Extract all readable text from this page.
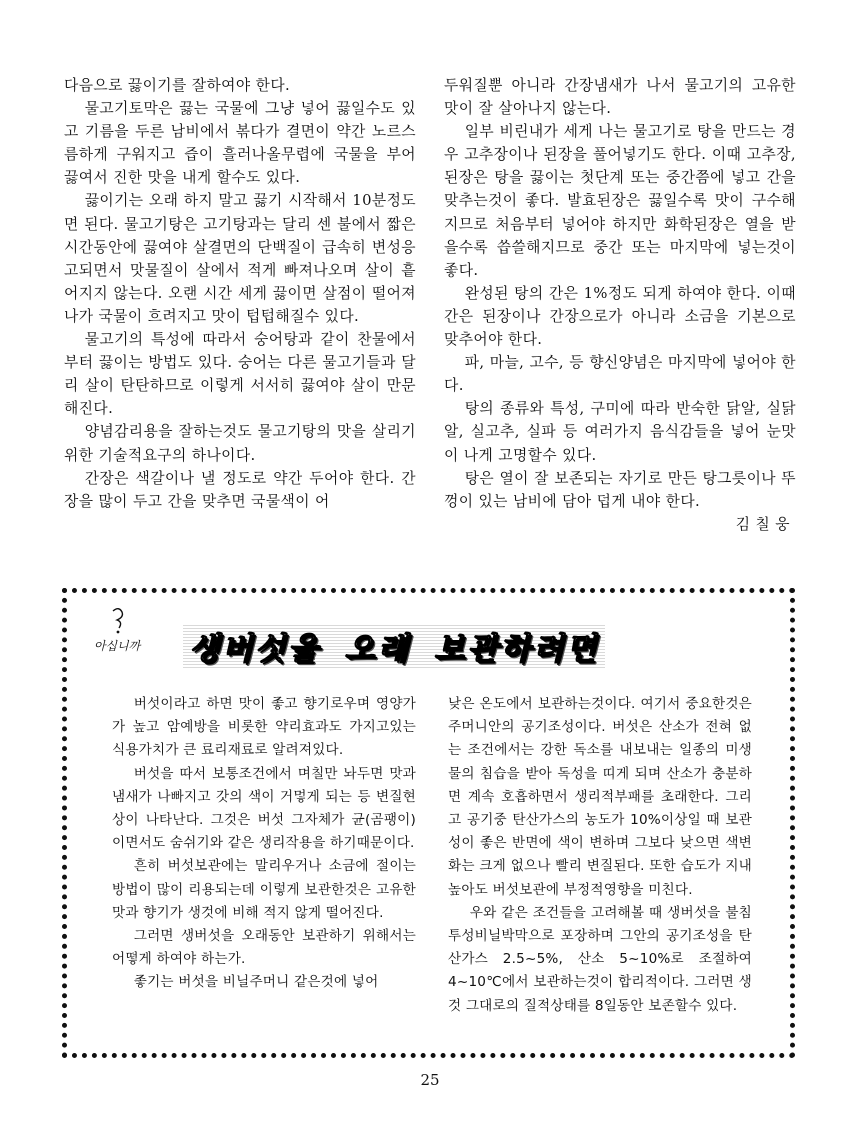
다음으로 끓이기를 잘하여야 한다.

물고기토막은 끓는 국물에 그냥 넣어 끓일수도 있고 기름을 두른 남비에서 볶다가 결면이 약간 노르스름하게 구워지고 즙이 흘러나올무렵에 국물을 부어 끓여서 진한 맛을 내게 할수도 있다.

끓이기는 오래 하지 말고 끓기 시작해서 10분정도면 된다. 물고기탕은 고기탕과는 달리 센 불에서 짧은 시간동안에 끓여야 살결면의 단백질이 급속히 변성응고되면서 맛물질이 살에서 적게 빠져나오며 살이 흩어지지 않는다. 오랜 시간 세게 끓이면 살점이 떨어져나가 국물이 흐려지고 맛이 텁텁해질수 있다.

물고기의 특성에 따라서 숭어탕과 같이 찬물에서부터 끓이는 방법도 있다. 숭어는 다른 물고기들과 달리 살이 탄탄하므로 이렇게 서서히 끓여야 살이 만문해진다.

양념감리용을 잘하는것도 물고기탕의 맛을 살리기 위한 기술적요구의 하나이다.

간장은 색갈이나 낼 정도로 약간 두어야 한다. 간장을 많이 두고 간을 맞추면 국물색이 어

두워질뿐 아니라 간장냄새가 나서 물고기의 고유한 맛이 잘 살아나지 않는다.

일부 비린내가 세게 나는 물고기로 탕을 만드는 경우 고추장이나 된장을 풀어넣기도 한다. 이때 고추장, 된장은 탕을 끓이는 첫단계 또는 중간쯤에 넣고 간을 맞추는것이 좋다. 발효된장은 끓일수록 맛이 구수해지므로 처음부터 넣어야 하지만 화학된장은 열을 받을수록 씁쓸해지므로 중간 또는 마지막에 넣는것이 좋다.

완성된 탕의 간은 1%정도 되게 하여야 한다. 이때 간은 된장이나 간장으로가 아니라 소금을 기본으로 맞추어야 한다.

파, 마늘, 고수, 등 향신양념은 마지막에 넣어야 한다.

탕의 종류와 특성, 구미에 따라 반숙한 닭알, 실닭알, 실고추, 실파 등 여러가지 음식감들을 넣어 눈맛이 나게 고명할수 있다.

탕은 열이 잘 보존되는 자기로 만든 탕그릇이나 뚜껑이 있는 남비에 담아 덥게 내야 한다.

김 칠 웅
아십니까 생버섯을 오래 보관하려면

버섯이라고 하면 맛이 좋고 향기로우며 영양가가 높고 암예방을 비롯한 약리효과도 가지고있는 식용가치가 큰 료리재료로 알려져있다.

버섯을 따서 보통조건에서 며칠만 놔두면 맛과 냄새가 나빠지고 갓의 색이 거멓게 되는 등 변질현상이 나타난다. 그것은 버섯 그자체가 균(곰팽이)이면서도 숨쉬기와 같은 생리작용을 하기때문이다.

흔히 버섯보관에는 말리우거나 소금에 절이는 방법이 많이 리용되는데 이렇게 보관한것은 고유한 맛과 향기가 생것에 비해 적지 않게 떨어진다.

그러면 생버섯을 오래동안 보관하기 위해서는 어떻게 하여야 하는가.

좋기는 버섯을 비닐주머니 같은것에 넣어

낮은 온도에서 보관하는것이다. 여기서 중요한것은 주머니안의 공기조성이다. 버섯은 산소가 전혀 없는 조건에서는 강한 독소를 내보내는 일종의 미생물의 침습을 받아 독성을 띠게 되며 산소가 충분하면 계속 호흡하면서 생리적부패를 초래한다. 그리고 공기중 탄산가스의 농도가 10%이상일 때 보관성이 좋은 반면에 색이 변하며 그보다 낮으면 색변화는 크게 없으나 빨리 변질된다. 또한 습도가 지내 높아도 버섯보관에 부정적영향을 미친다.

우와 같은 조건들을 고려해볼 때 생버섯을 불침투성비닐박막으로 포장하며 그안의 공기조성을 탄산가스 2.5~5%, 산소 5~10%로 조절하여 4~10℃에서 보관하는것이 합리적이다. 그러면 생것 그대로의 질적상태를 8일동안 보존할수 있다.

25
